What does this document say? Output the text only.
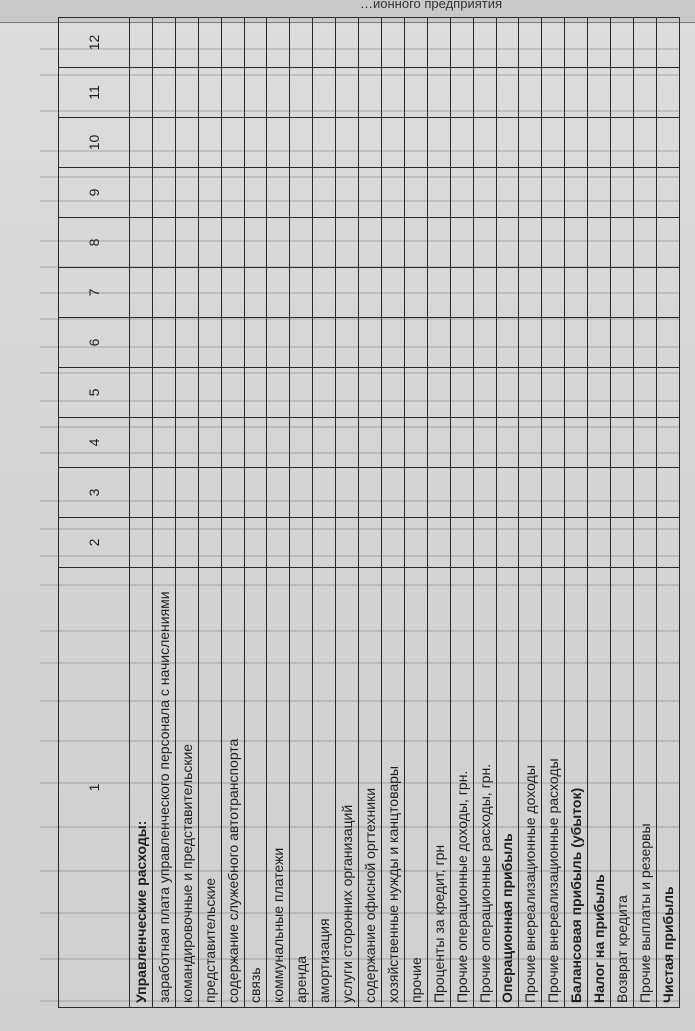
…ионного предприятия
1	2	3	4	5	6	7	8	9	10	11	12
Управленческие расходы:											
заработная плата управленческого персонала с начислениями											
командировочные и представительские											
представительские											
содержание служебного автотранспорта											
связь											
коммунальные платежи											
аренда											
амортизация											
услуги сторонних организаций											
содержание офисной оргтехники											
хозяйственные нужды и канцтовары											
прочие											
Проценты за кредит, грн											
Прочие операционные доходы, грн.											
Прочие операционные расходы, грн.											
Операционная прибыль											
Прочие внереализационные доходы											
Прочие внереализационные расходы											
Балансовая прибыль (убыток)											
Налог на прибыль											
Возврат кредита											
Прочие выплаты и резервы											
Чистая прибыль											
